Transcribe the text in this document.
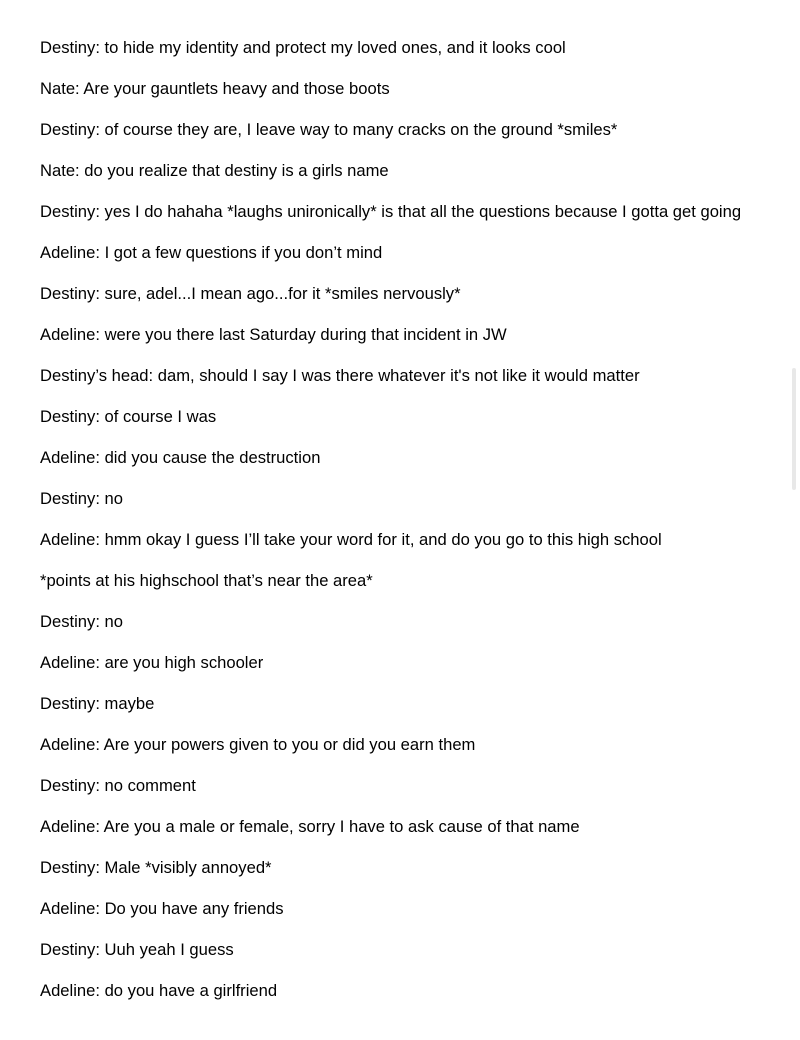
Destiny: to hide my identity and protect my loved ones, and it looks cool
Nate: Are your gauntlets heavy and those boots
Destiny: of course they are, I leave way to many cracks on the ground *smiles*
Nate: do you realize that destiny is a girls name
Destiny: yes I do hahaha *laughs unironically* is that all the questions because I gotta get going
Adeline: I got a few questions if you don’t mind
Destiny: sure, adel...I mean ago...for it *smiles nervously*
Adeline: were you there last Saturday during that incident in JW
Destiny’s head: dam, should I say I was there whatever it's not like it would matter
Destiny: of course I was
Adeline: did you cause the destruction
Destiny: no
Adeline: hmm okay I guess I’ll take your word for it, and do you go to this high school
*points at his highschool that’s near the area*
Destiny: no
Adeline: are you high schooler
Destiny: maybe
Adeline: Are your powers given to you or did you earn them
Destiny: no comment
Adeline: Are you a male or female, sorry I have to ask cause of that name
Destiny: Male *visibly annoyed*
Adeline: Do you have any friends
Destiny: Uuh yeah I guess
Adeline: do you have a girlfriend
